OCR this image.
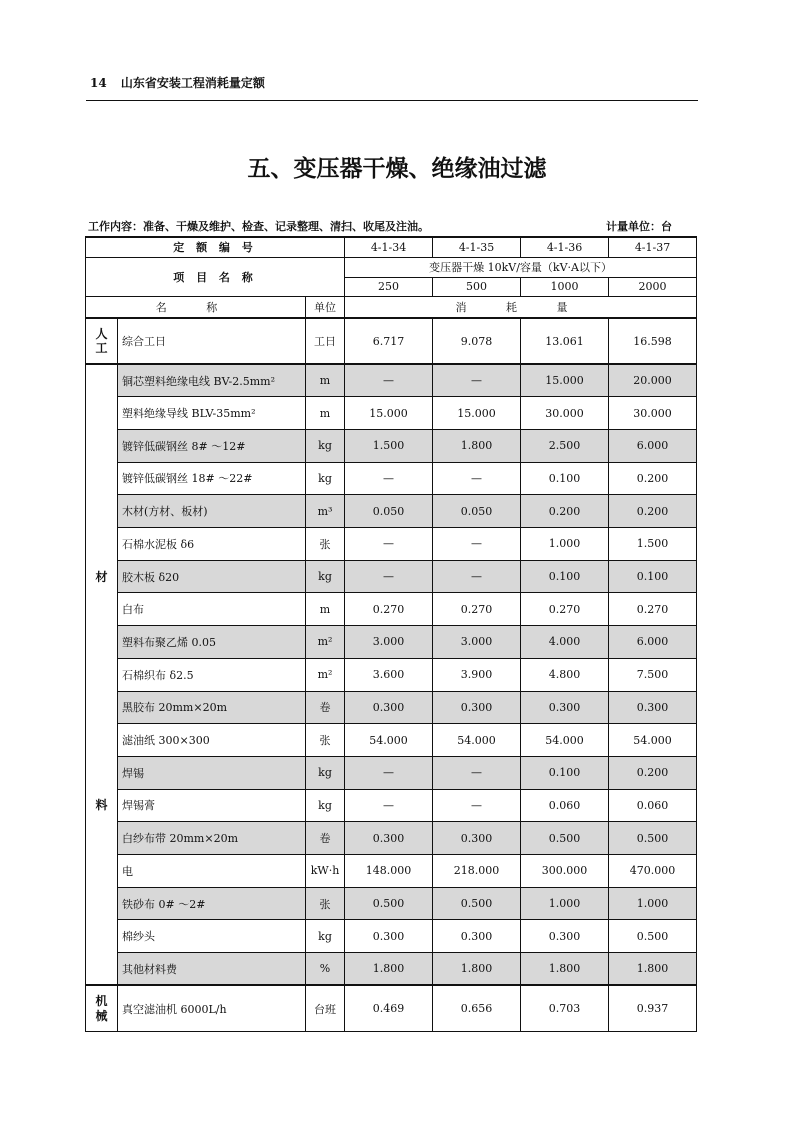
14 山东省安装工程消耗量定额
五、变压器干燥、绝缘油过滤
工作内容：准备、干燥及维护、检查、记录整理、清扫、收尾及注油。	计量单位：台
定 额 编 号			4-1-34	4-1-35	4-1-36	4-1-37
项 目 名 称			变压器干燥 10kV/容量（kV·A以下）			
			250	500	1000	2000
名 称		单位	消 耗 量			
人工	综合工日	工日	6.717	9.078	13.061	16.598

材
料	铜芯塑料绝缘电线 BV-2.5mm²	m	—	—	15.000	20.000
	塑料绝缘导线 BLV-35mm²	m	15.000	15.000	30.000	30.000
	镀锌低碳钢丝 8# ～12#	kg	1.500	1.800	2.500	6.000
	镀锌低碳钢丝 18# ～22#	kg	—	—	0.100	0.200
	木材(方材、板材)	m³	0.050	0.050	0.200	0.200
	石棉水泥板 δ6	张	—	—	1.000	1.500
	胶木板 δ20	kg	—	—	0.100	0.100
	白布	m	0.270	0.270	0.270	0.270
	塑料布聚乙烯 0.05	m²	3.000	3.000	4.000	6.000
	石棉织布 δ2.5	m²	3.600	3.900	4.800	7.500
	黑胶布 20mm×20m	卷	0.300	0.300	0.300	0.300
	滤油纸 300×300	张	54.000	54.000	54.000	54.000
	焊锡	kg	—	—	0.100	0.200
	焊锡膏	kg	—	—	0.060	0.060
	白纱布带 20mm×20m	卷	0.300	0.300	0.500	0.500
	电	kW·h	148.000	218.000	300.000	470.000
	铁砂布 0# ～2#	张	0.500	0.500	1.000	1.000
	棉纱头	kg	0.300	0.300	0.300	0.500
	其他材料费	%	1.800	1.800	1.800	1.800
机械	真空滤油机 6000L/h	台班	0.469	0.656	0.703	0.937
